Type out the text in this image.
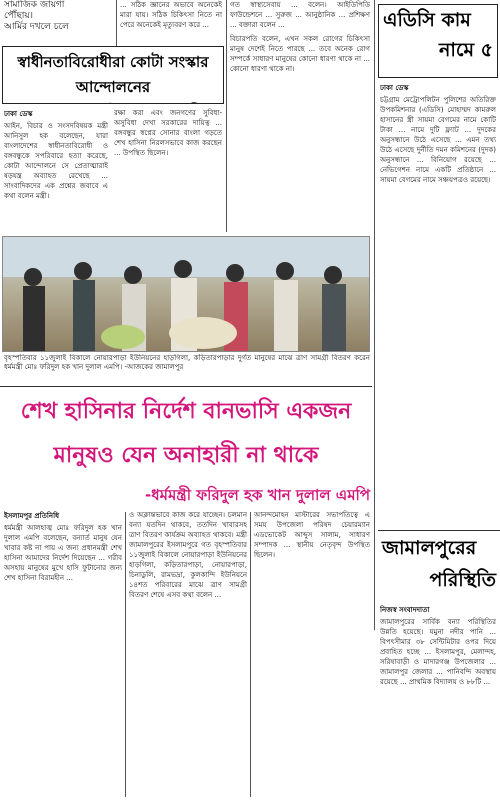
সামাজিক জায়গা

পৌঁছায়।

আর্মির দখলে চলে

... সঠিক জ্ঞানের অভাবে অনেকেই মারা যায়। সঠিক চিকিৎসা নিতে না পেরে অনেকেই মৃত্যুবরণ করে ...

স্বাধীনতাবিরোধীরা কোটা সংস্কার আন্দোলনের

ঢাকা ডেস্ক

আইন, বিচার ও সংসদবিষয়ক মন্ত্রী আনিসুল হক বলেছেন, যারা বাংলাদেশের স্বাধীনতাবিরোধী ও বঙ্গবন্ধুকে সপরিবারে হত্যা করেছে, কোটা আন্দোলনে সে প্রেতাত্মারাই ষড়যন্ত্র অব্যাহত রেখেছে ... সাংবাদিকদের এক প্রশ্নের জবাবে এ কথা বলেন মন্ত্রী।

রক্ষা করা এবং জনগণের সুবিধা-অসুবিধা দেখা সরকারের দায়িত্ব ... বঙ্গবন্ধুর স্বপ্নের সোনার বাংলা গড়তে শেখ হাসিনা নিরলসভাবে কাজ করছেন ... উপস্থিত ছিলেন।

গত স্বাস্থ্যসেবায় ... বলেন। আইডিপিডি ফাউন্ডেশনে ... সুরুজ ... আনুষ্ঠানিক ... প্রশিক্ষণ ... বক্তারা বলেন ...

বিচারপতি বলেন, এখন সকল রোগের চিকিৎসা মানুষ দেশেই নিতে পারছে ... তবে অনেক রোগ সম্পর্কে সাধারণ মানুষের কোনো ধারণা থাকে না ... কোনো ধারণা থাকে না।

বৃহস্পতিবার ১১জুলাই বিকালে নোয়ারপাড়া ইউনিয়নের হাড়গিলা, কড়িতারপাড়ার দুর্গত মানুষের মাঝে ত্রাণ সামগ্রী বিতরণ করেন ধর্মমন্ত্রী মোঃ ফরিদুল হক খান দুলাল এমপি। -আজকের জামালপুর
এডিসি কাম
নামে ৫

ঢাকা ডেস্ক

চট্টগ্রাম মেট্রোপলিটন পুলিশের অতিরিক্ত উপকমিশনার (এডিসি) মোহাম্মদ কামরুল হাসানের স্ত্রী সায়মা বেগমের নামে কোটি টাকা ... নামে দুটি ফ্ল্যাট ... দুদকের অনুসন্ধানে উঠে এসেছে ... এমন তথ্য উঠে এসেছে দুর্নীতি দমন কমিশনের (দুদক) অনুসন্ধানে ... বিনিয়োগ রয়েছে ... নেভিগেশন নামে একটি প্রতিষ্ঠানে ... সায়মা বেগমের নামে সঞ্চয়পত্রও রয়েছে।

জামালপুরের
পরিস্থিতি

নিজস্ব সংবাদদাতা

জামালপুরের সার্বিক বন্যা পরিস্থিতির উন্নতি হয়েছে। যমুনা নদীর পানি ... বিপৎসীমার ৩৮ সেন্টিমিটার ওপর দিয়ে প্রবাহিত হচ্ছে ... ইসলামপুর, মেলান্দহ, সরিষাবাড়ী ও মাদারগঞ্জ উপজেলার ... জামালপুর জেলার ... পানিবন্দি অবস্থায় রয়েছে ... প্রাথমিক বিদ্যালয় ও ৮৮টি ...

শেখ হাসিনার নির্দেশ বানভাসি একজন
মানুষও যেন অনাহারী না থাকে
-ধর্মমন্ত্রী ফরিদুল হক খান দুলাল এমপি

ইসলামপুর প্রতিনিধি

ধর্মমন্ত্রী আলহাজ্ব মোঃ ফরিদুল হক খান দুলাল এমপি বলেছেন, বন্যার্ত মানুষ যেন খাবার কষ্ট না পায় এ জন্য প্রধানমন্ত্রী শেখ হাসিনা আমাদের নির্দেশ দিয়েছেন ... গরীব অসহায় মানুষের মুখে হাসি ফুটানোর জন্য শেখ হাসিনা বিরামহীন ...

ও অক্লান্তভাবে কাজ করে যাচ্ছেন। চলমান বন্যা যতদিন থাকবে, ততদিন খাবারসহ ত্রাণ বিতরণ কার্যক্রম অব্যাহত থাকবে। মন্ত্রী জামালপুরের ইসলামপুরে গত বৃহস্পতিবার ১১জুলাই বিকালে নোয়ারপাড়া ইউনিয়নের হাড়গিলা, কড়িতারপাড়া, নোয়ারপাড়া, চিনাডুলি, রামভদ্রা, কুলকান্দি ইউনিয়নে ১৪শত পরিবারের মাঝে ত্রাণ সামগ্রী বিতরণ শেষে এসব কথা বলেন ...

আনন্দমোহন মাস্টারের সভাপতিত্বে এ সময় উপজেলা পরিষদ চেয়ারম্যান এডভোকেট আব্দুস সালাম, সাধারণ সম্পাদক ... স্থানীয় নেতৃবৃন্দ উপস্থিত ছিলেন।
